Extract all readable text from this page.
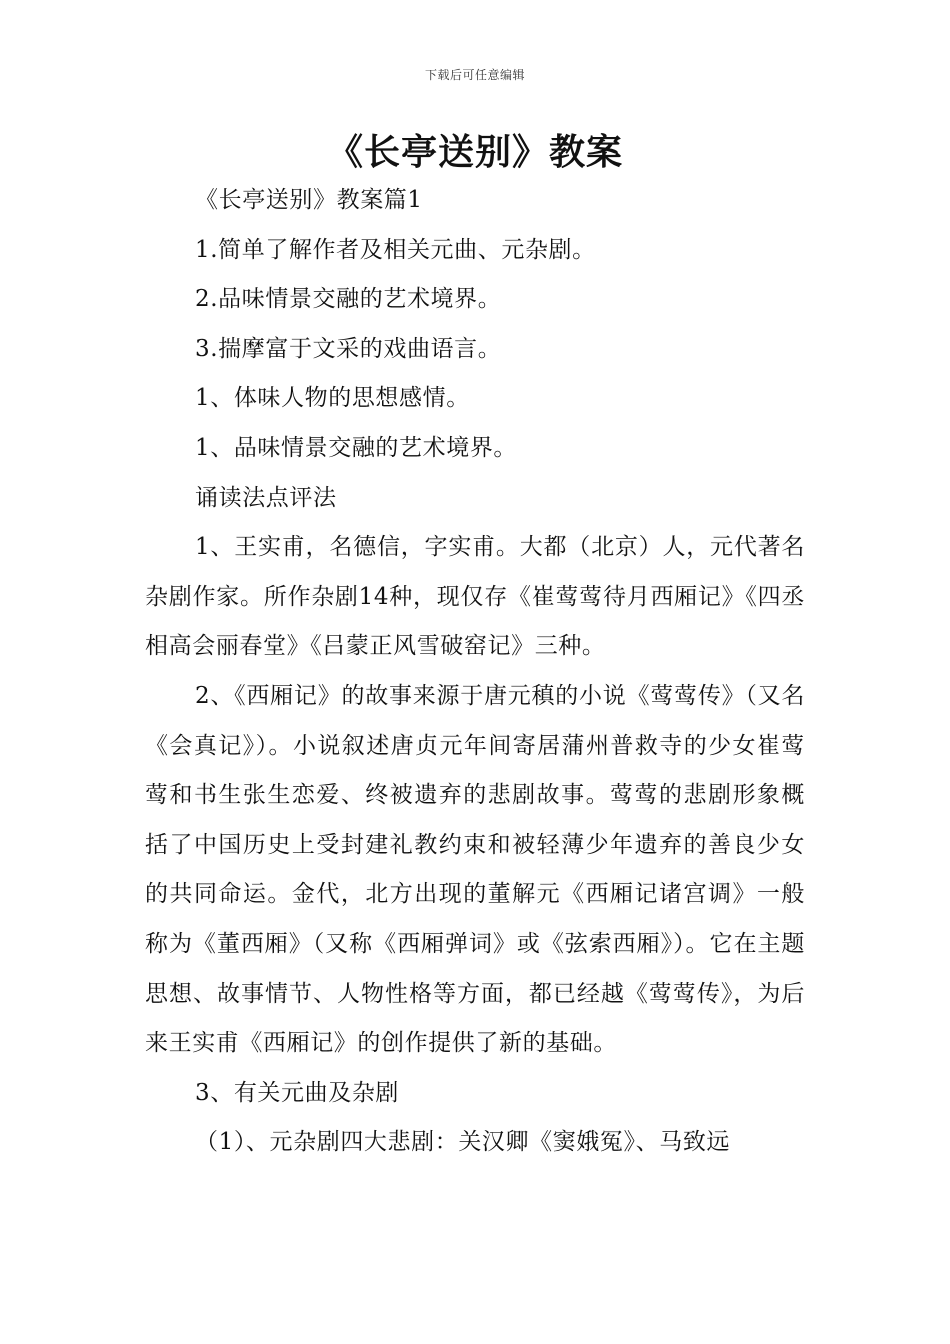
下载后可任意编辑
《长亭送别》教案

《长亭送别》教案篇1

1.简单了解作者及相关元曲、元杂剧。

2.品味情景交融的艺术境界。

3.揣摩富于文采的戏曲语言。

1、体味人物的思想感情。

1、品味情景交融的艺术境界。

诵读法点评法

1、王实甫，名德信，字实甫。大都（北京）人，元代著名杂剧作家。所作杂剧14种，现仅存《崔莺莺待月西厢记》《四丞相高会丽春堂》《吕蒙正风雪破窑记》三种。

2、《西厢记》的故事来源于唐元稹的小说《莺莺传》（又名《会真记》）。小说叙述唐贞元年间寄居蒲州普救寺的少女崔莺莺和书生张生恋爱、终被遗弃的悲剧故事。莺莺的悲剧形象概括了中国历史上受封建礼教约束和被轻薄少年遗弃的善良少女的共同命运。金代，北方出现的董解元《西厢记诸宫调》一般称为《董西厢》（又称《西厢弹词》或《弦索西厢》）。它在主题思想、故事情节、人物性格等方面，都已经越《莺莺传》，为后来王实甫《西厢记》的创作提供了新的基础。

3、有关元曲及杂剧

（1）、元杂剧四大悲剧：关汉卿《窦娥冤》、马致远
